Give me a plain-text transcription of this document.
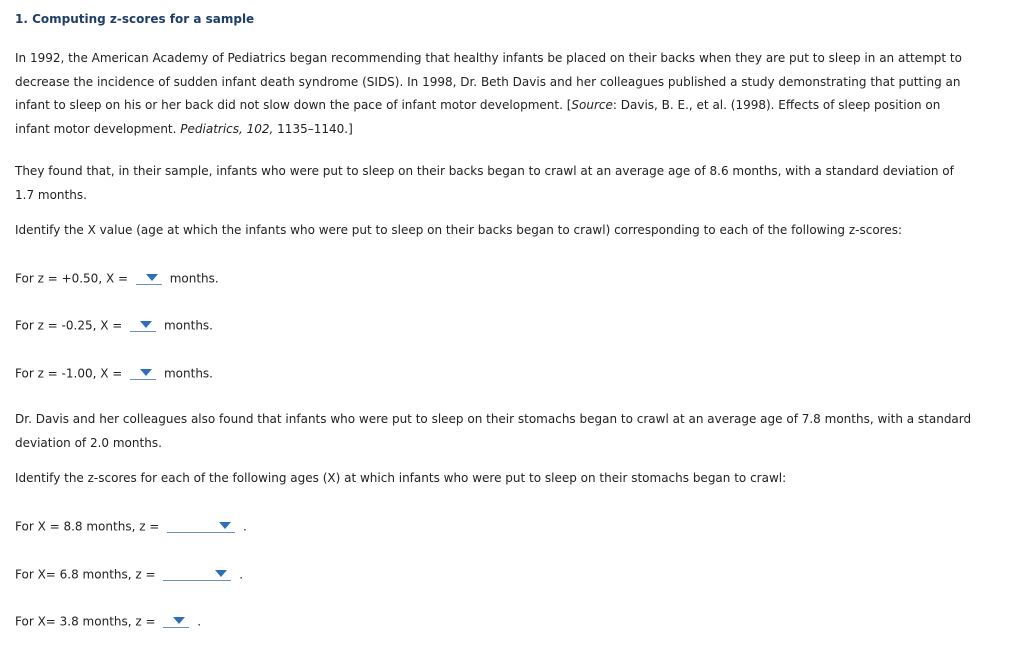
1. Computing z-scores for a sample

In 1992, the American Academy of Pediatrics began recommending that healthy infants be placed on their backs when they are put to sleep in an attempt to decrease the incidence of sudden infant death syndrome (SIDS). In 1998, Dr. Beth Davis and her colleagues published a study demonstrating that putting an infant to sleep on his or her back did not slow down the pace of infant motor development. [Source: Davis, B. E., et al. (1998). Effects of sleep position on infant motor development. Pediatrics, 102, 1135–1140.]

They found that, in their sample, infants who were put to sleep on their backs began to crawl at an average age of 8.6 months, with a standard deviation of 1.7 months.

Identify the X value (age at which the infants who were put to sleep on their backs began to crawl) corresponding to each of the following z-scores:

For z = +0.50, X =	months.
For z = -0.25, X =	months.
For z = -1.00, X =	months.

Dr. Davis and her colleagues also found that infants who were put to sleep on their stomachs began to crawl at an average age of 7.8 months, with a standard deviation of 2.0 months.

Identify the z-scores for each of the following ages (X) at which infants who were put to sleep on their stomachs began to crawl:

For X = 8.8 months, z =	.
For X= 6.8 months, z =	.
For X= 3.8 months, z =	.
